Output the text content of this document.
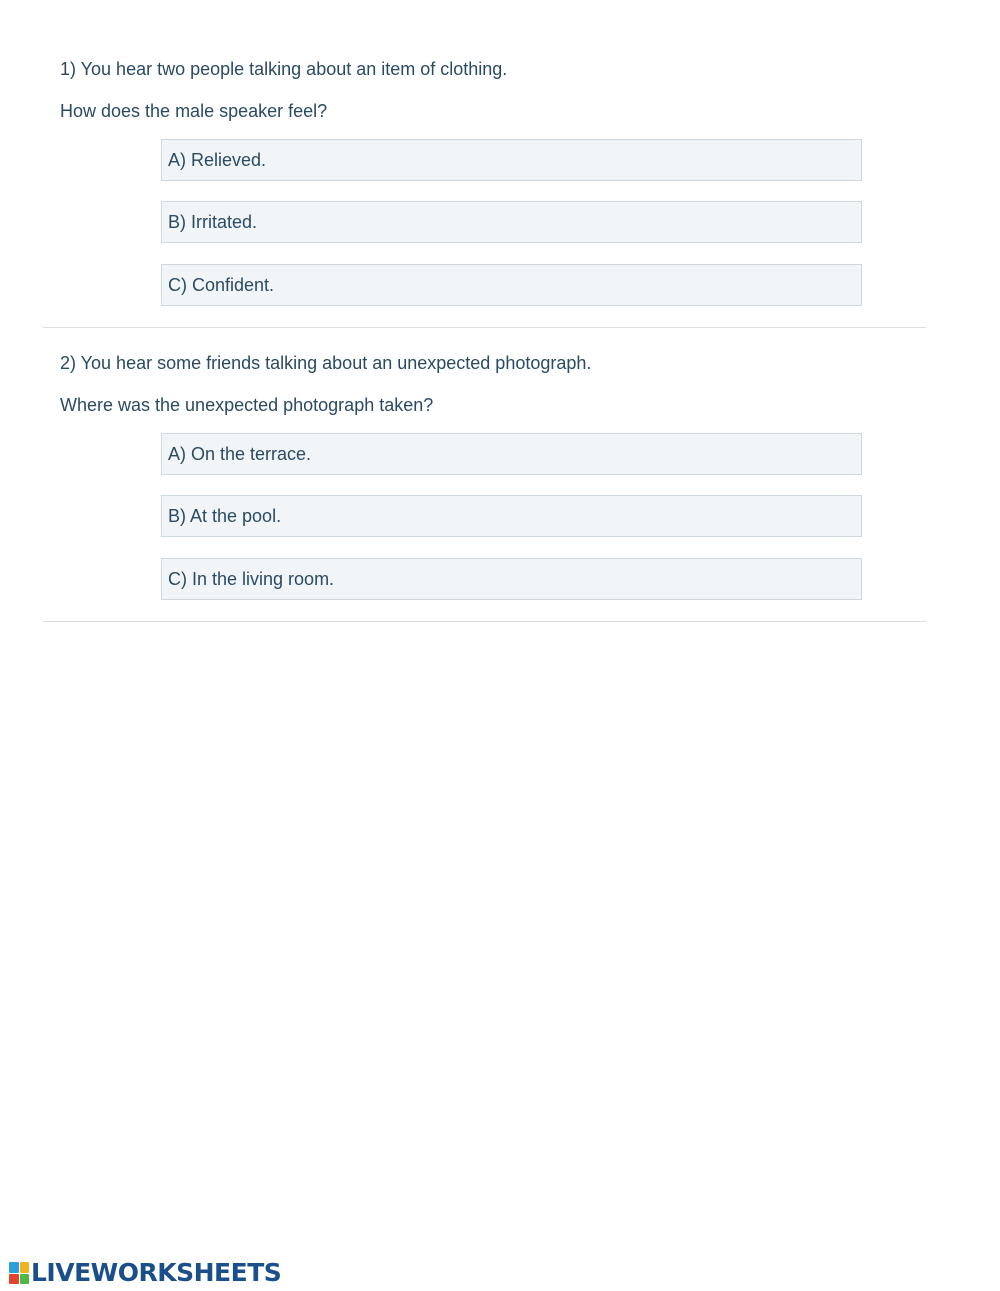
1) You hear two people talking about an item of clothing.
How does the male speaker feel?
A) Relieved.
B) Irritated.
C) Confident.
2) You hear some friends talking about an unexpected photograph.
Where was the unexpected photograph taken?
A) On the terrace.
B) At the pool.
C) In the living room.
LIVEWORKSHEETS
